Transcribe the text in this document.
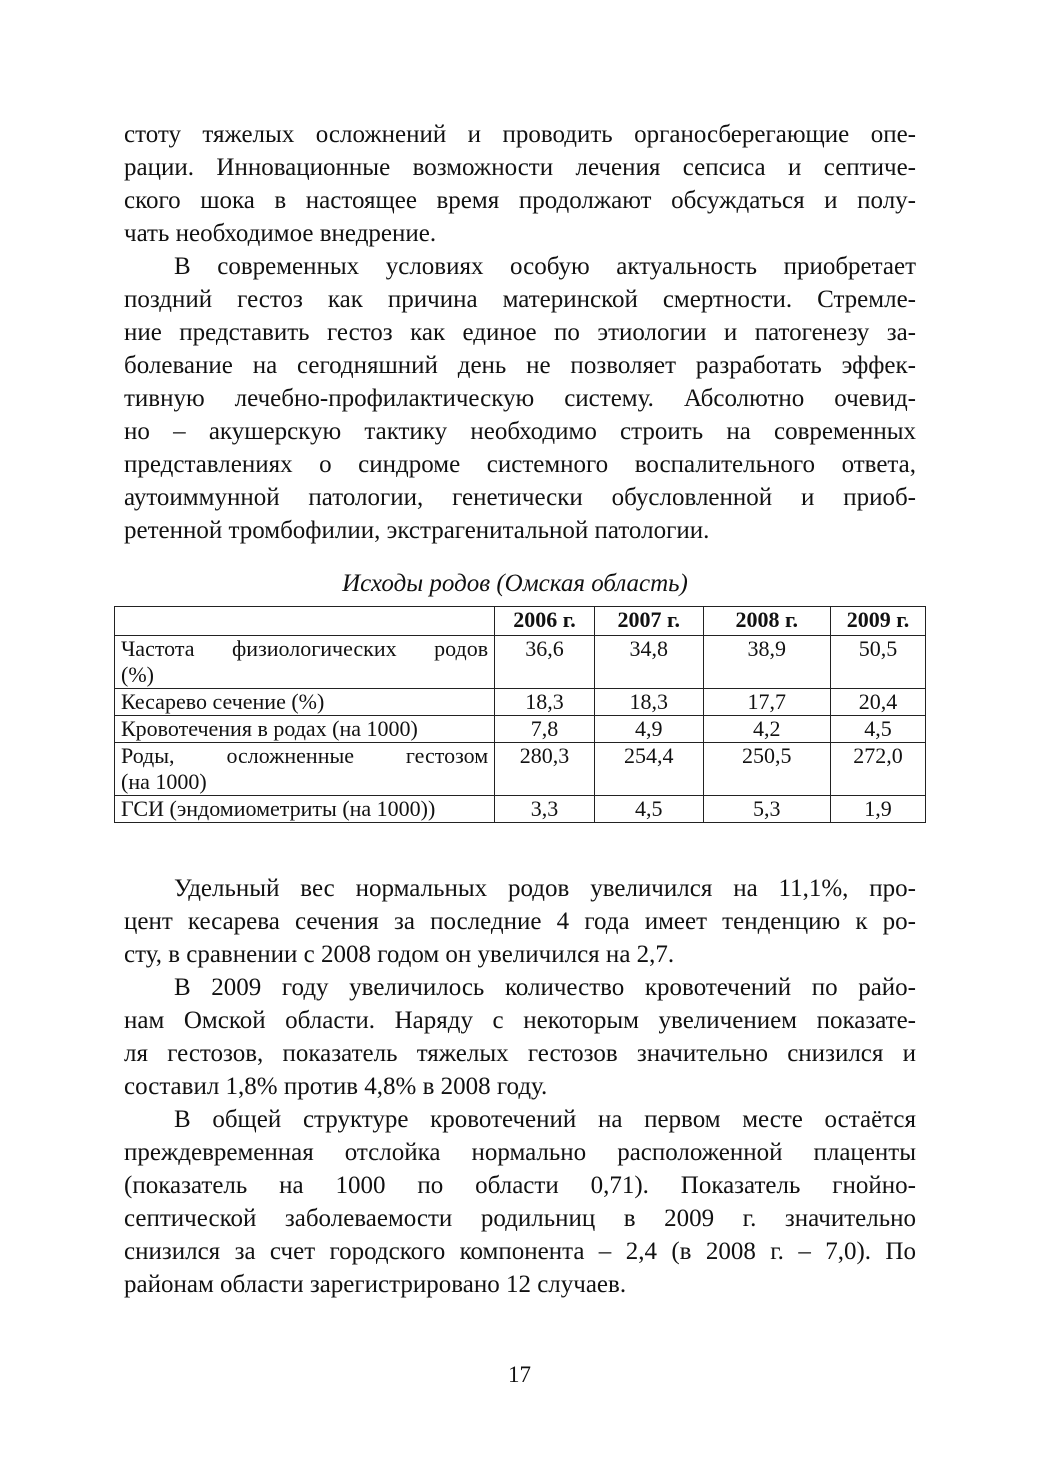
стоту тяжелых осложнений и проводить органосберегающие опе-
рации. Инновационные возможности лечения сепсиса и септиче-
ского шока в настоящее время продолжают обсуждаться и полу-
чать необходимое внедрение.
В современных условиях особую актуальность приобретает
поздний гестоз как причина материнской смертности. Стремле-
ние представить гестоз как единое по этиологии и патогенезу за-
болевание на сегодняшний день не позволяет разработать эффек-
тивную лечебно-профилактическую систему. Абсолютно очевид-
но – акушерскую тактику необходимо строить на современных
представлениях о синдроме системного воспалительного ответа,
аутоиммунной патологии, генетически обусловленной и приоб-
ретенной тромбофилии, экстрагенитальной патологии.
Исходы родов (Омская область)
	2006 г.	2007 г.	2008 г.	2009 г.

Частота физиологических родов
(%)	36,6	34,8	38,9	50,5
Кесарево сечение (%)	18,3	18,3	17,7	20,4
Кровотечения в родах (на 1000)	7,8	4,9	4,2	4,5

Роды, осложненные гестозом
(на 1000)	280,3	254,4	250,5	272,0
ГСИ (эндомиометриты (на 1000))	3,3	4,5	5,3	1,9
Удельный вес нормальных родов увеличился на 11,1%, про-
цент кесарева сечения за последние 4 года имеет тенденцию к ро-
сту, в сравнении с 2008 годом он увеличился на 2,7.
В 2009 году увеличилось количество кровотечений по райо-
нам Омской области. Наряду с некоторым увеличением показате-
ля гестозов, показатель тяжелых гестозов значительно снизился и
составил 1,8% против 4,8% в 2008 году.
В общей структуре кровотечений на первом месте остаётся
преждевременная отслойка нормально расположенной плаценты
(показатель на 1000 по области 0,71). Показатель гнойно-
септической заболеваемости родильниц в 2009 г. значительно
снизился за счет городского компонента – 2,4 (в 2008 г. – 7,0). По
районам области зарегистрировано 12 случаев.
17
